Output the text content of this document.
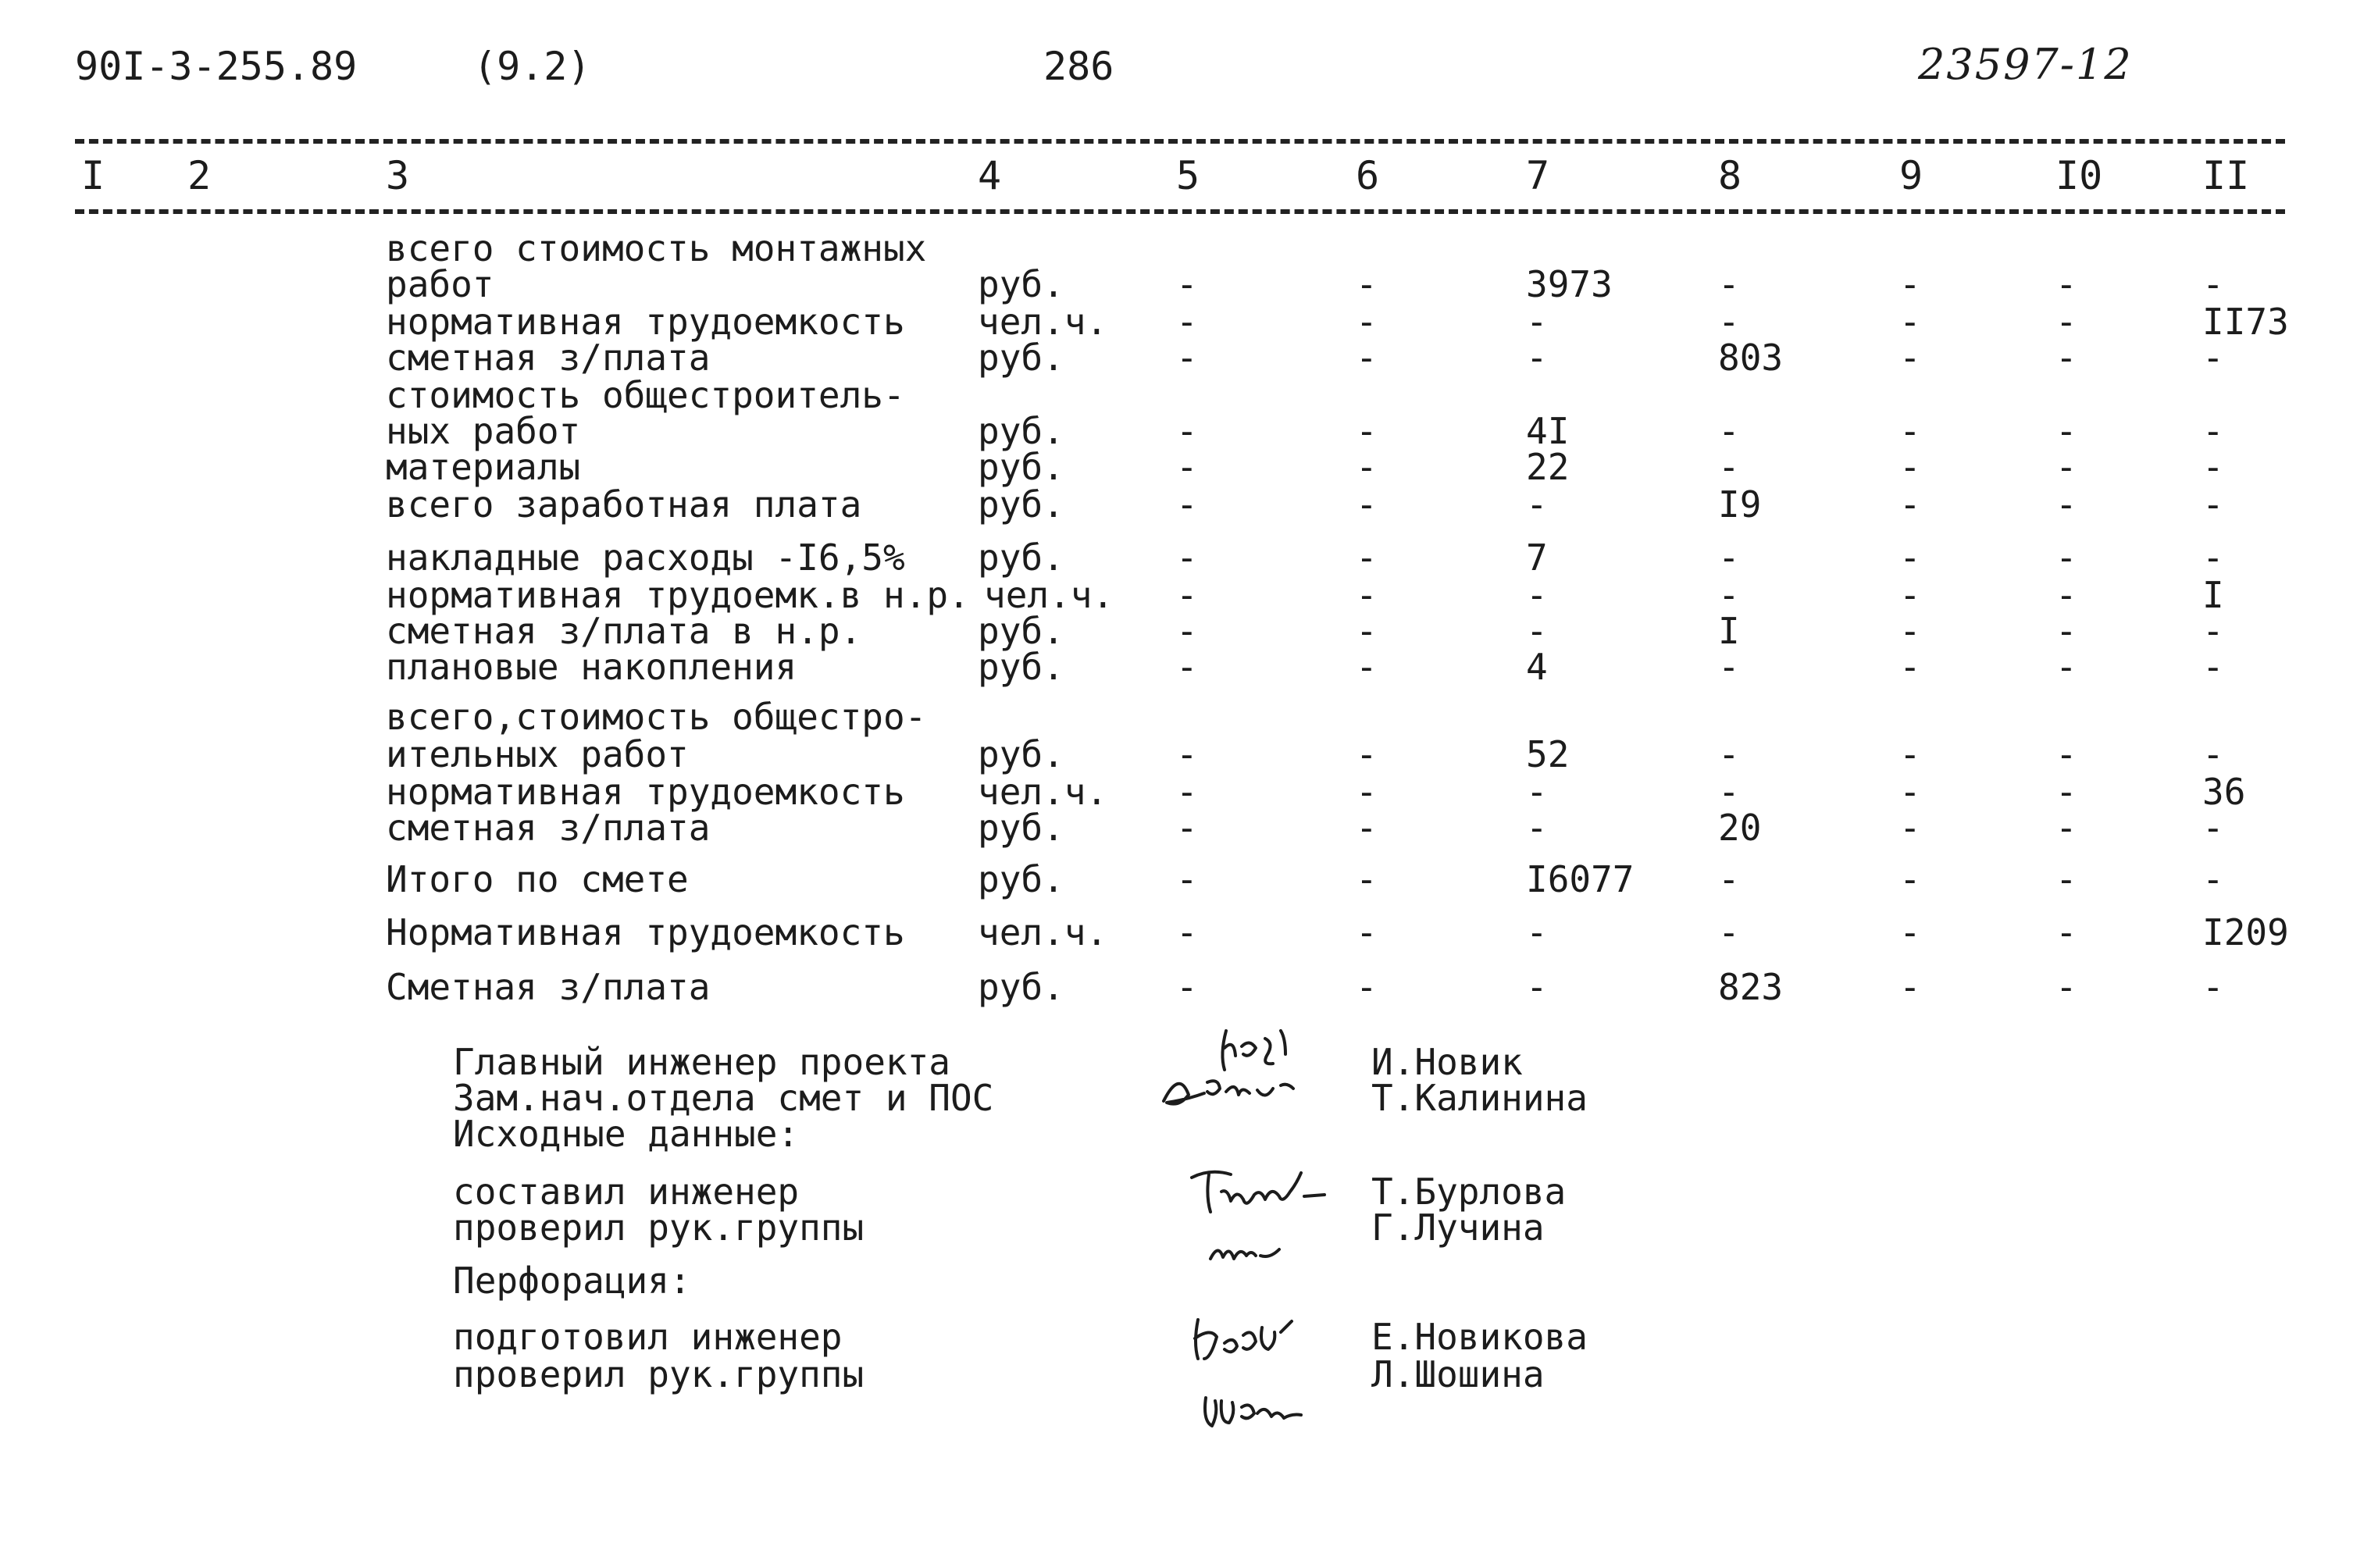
90I-3-255.89	(9.2)	286	23597-12
I 2	3	4	5	6	7	8	9	I0	II
всего стоимость монтажных
работ	руб.	-	-	3973	-	-	-	-
нормативная трудоемкость чел.ч. -	-	-	-	-	-	II73
сметная з/плата	руб.	-	-	-	803	-	-	-
стоимость общестроитель-
ных работ	руб.	-	-	4I	-	-	-	-
материалы	руб.	-	-	22	-	-	-	-
всего заработная плата	руб.	-	-	-	I9	-	-	-
накладные расходы -I6,5% руб.	-	-	7	-	-	-	-
нормативная трудоемк.в н.р. чел.ч. -	-	-	-	-	-	I
сметная з/плата в н.р.	руб.	-	-	-	I	-	-	-
плановые накопления	руб.	-	-	4	-	-	-	-
всего,стоимость общестро-
ительных работ	руб.	-	-	52	-	-	-	-
нормативная трудоемкость чел.ч. -	-	-	-	-	-	36
сметная з/плата	руб.	-	-	-	20	-	-	-
Итого по смете	руб.	-	-	I6077 -	-	-	-
Нормативная трудоемкость чел.ч. -	-	-	-	-	-	I209
Сметная з/плата	руб.	-	-	-	823	-	-	-
Главный инженер проекта	И.Новик
Зам.нач.отдела смет и ПОС	Т.Калинина
Исходные данные:
составил инженер	Т.Бурлова
проверил рук.группы	Г.Лучина
Перфорация:
подготовил инженер	Е.Новикова
проверил рук.группы	Л.Шошина
